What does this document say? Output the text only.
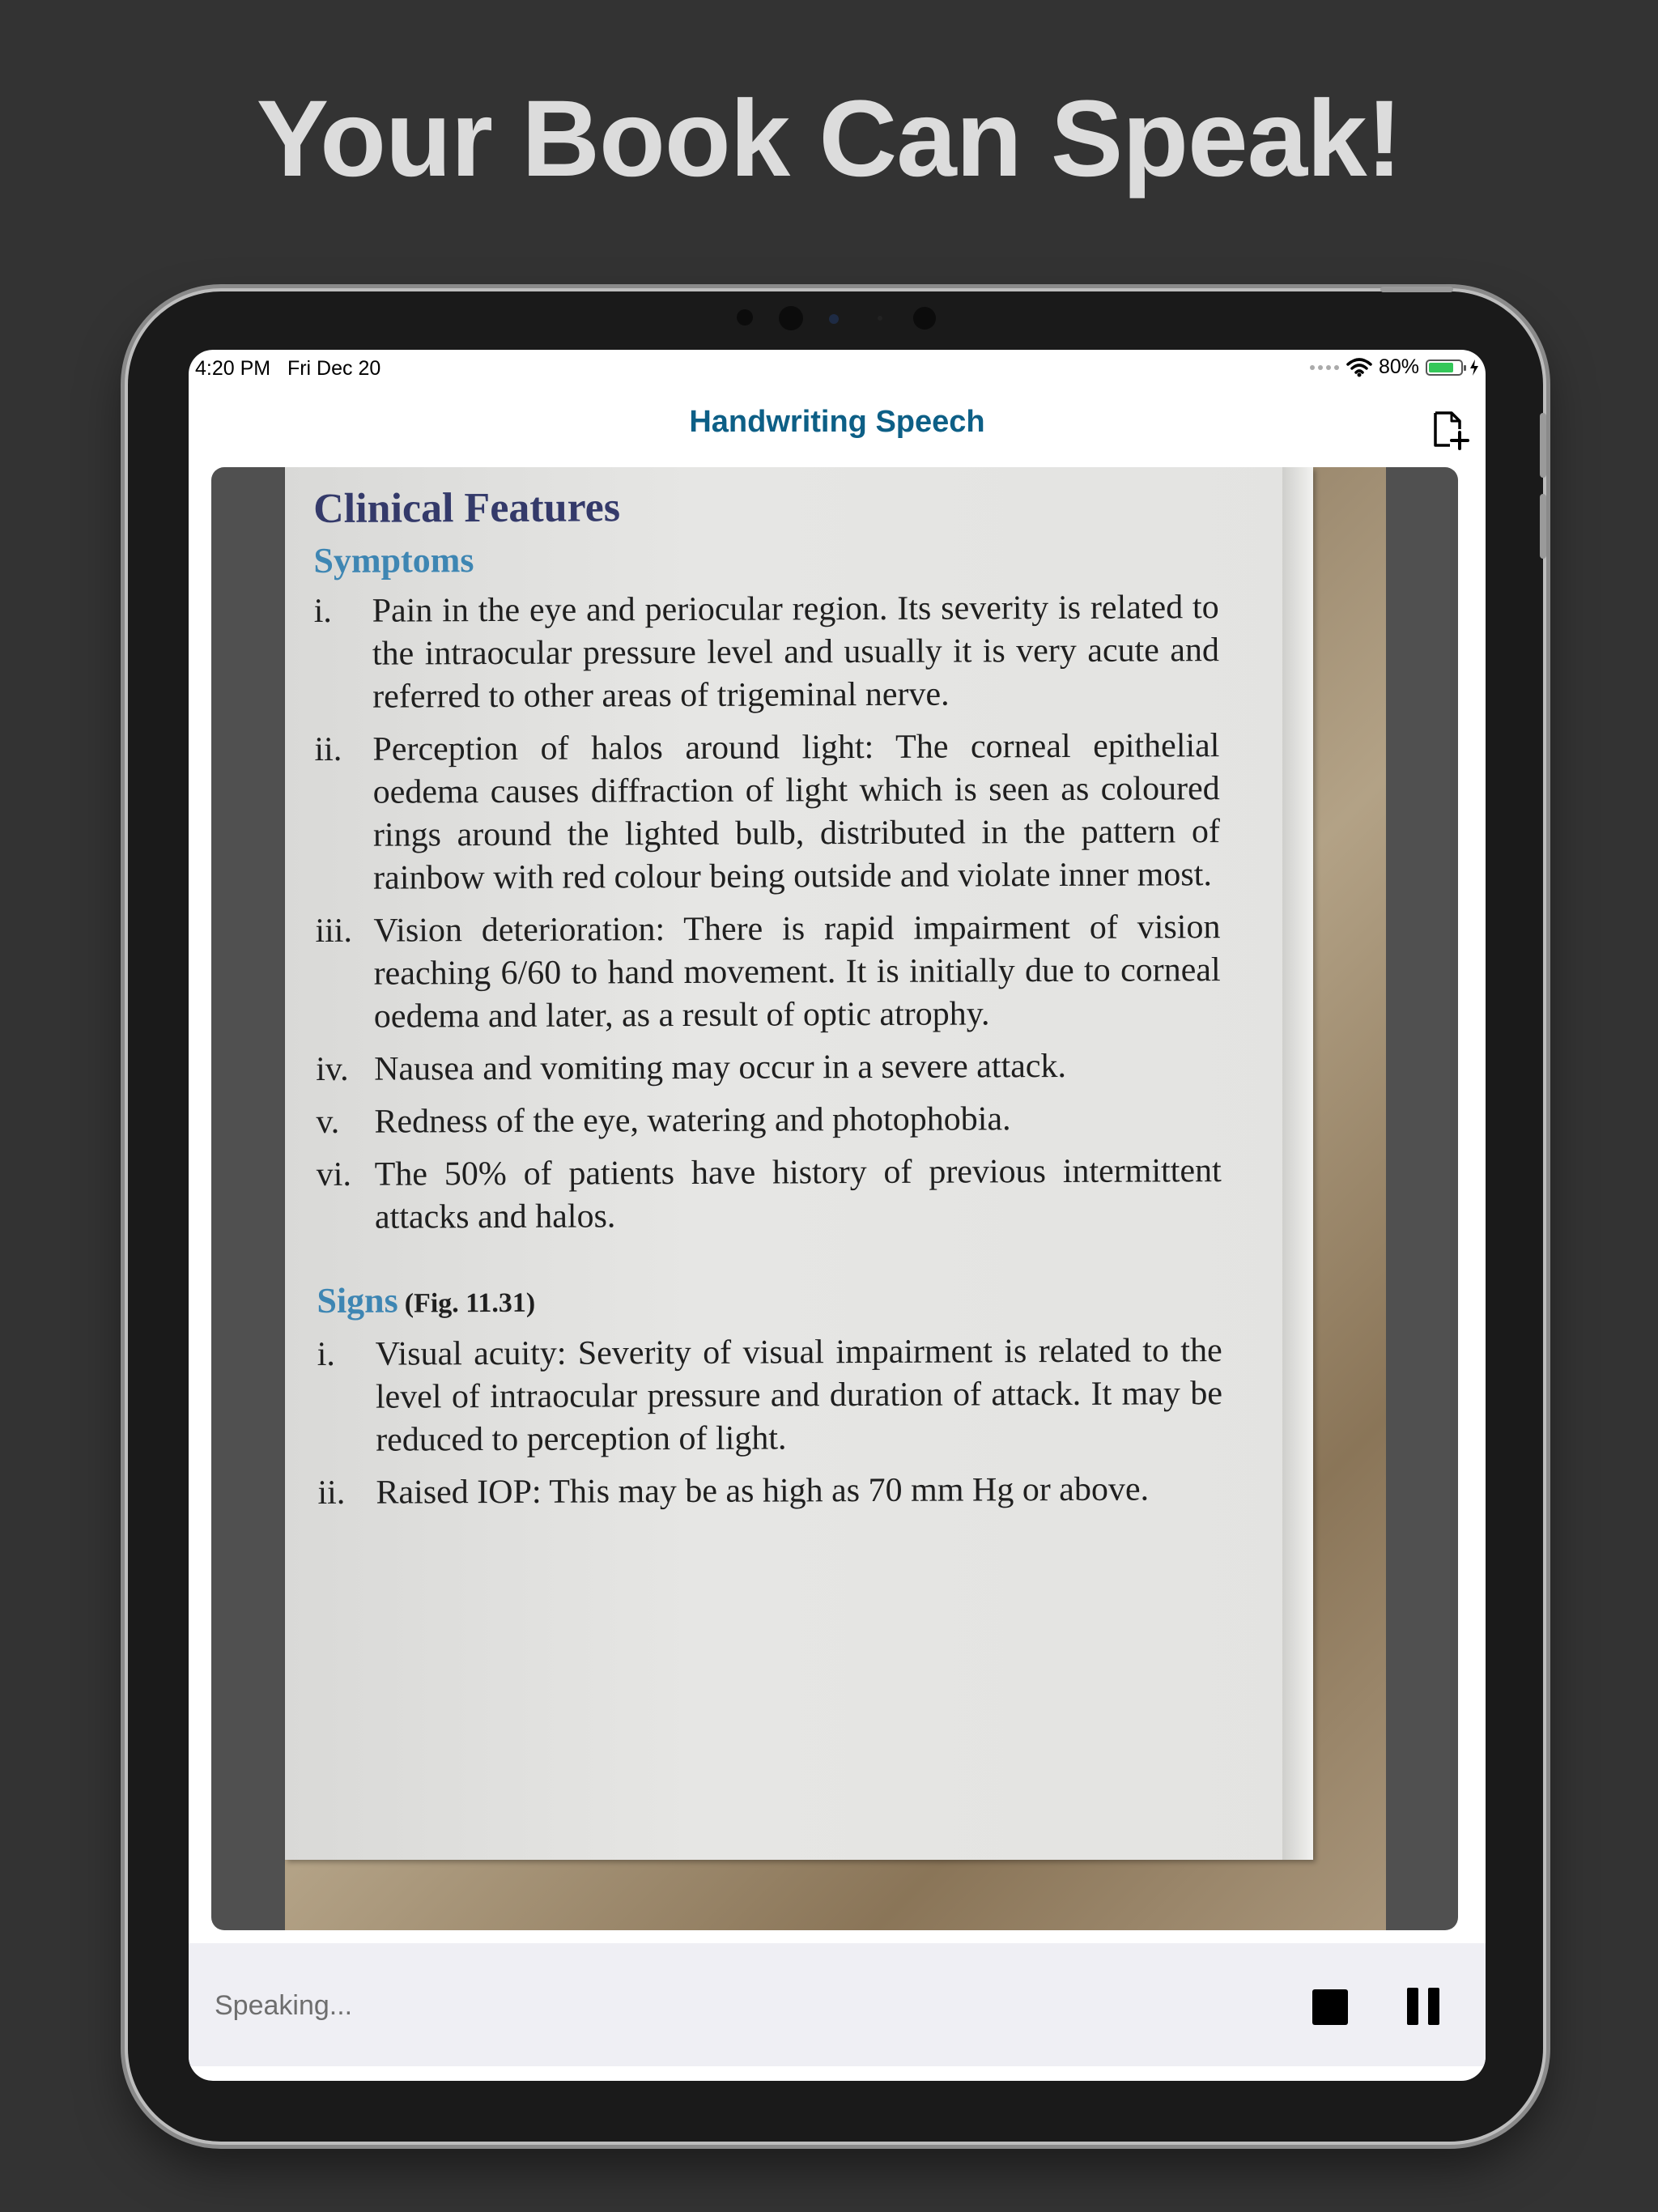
Your Book Can Speak!
4:20 PM Fri Dec 20	80%
Handwriting Speech
Clinical Features
Symptoms
i.	Pain in the eye and periocular region. Its severity is related to the intraocular pressure level and usually it is very acute and referred to other areas of trigeminal nerve.
ii. Perception of halos around light: The corneal epithelial oedema causes diffraction of light which is seen as coloured rings around the lighted bulb, distributed in the pattern of rainbow with red colour being outside and violate inner most.
iii. Vision deterioration: There is rapid impairment of vision reaching 6/60 to hand movement. It is initially due to corneal oedema and later, as a result of optic atrophy.
iv. Nausea and vomiting may occur in a severe attack.
v.	Redness of the eye, watering and photophobia.
vi. The 50% of patients have history of previous intermittent attacks and halos.
Signs (Fig. 11.31)
i.	Visual acuity: Severity of visual impairment is related to the level of intraocular pressure and duration of attack. It may be reduced to perception of light.
ii. Raised IOP: This may be as high as 70 mm Hg or above.
Speaking...
